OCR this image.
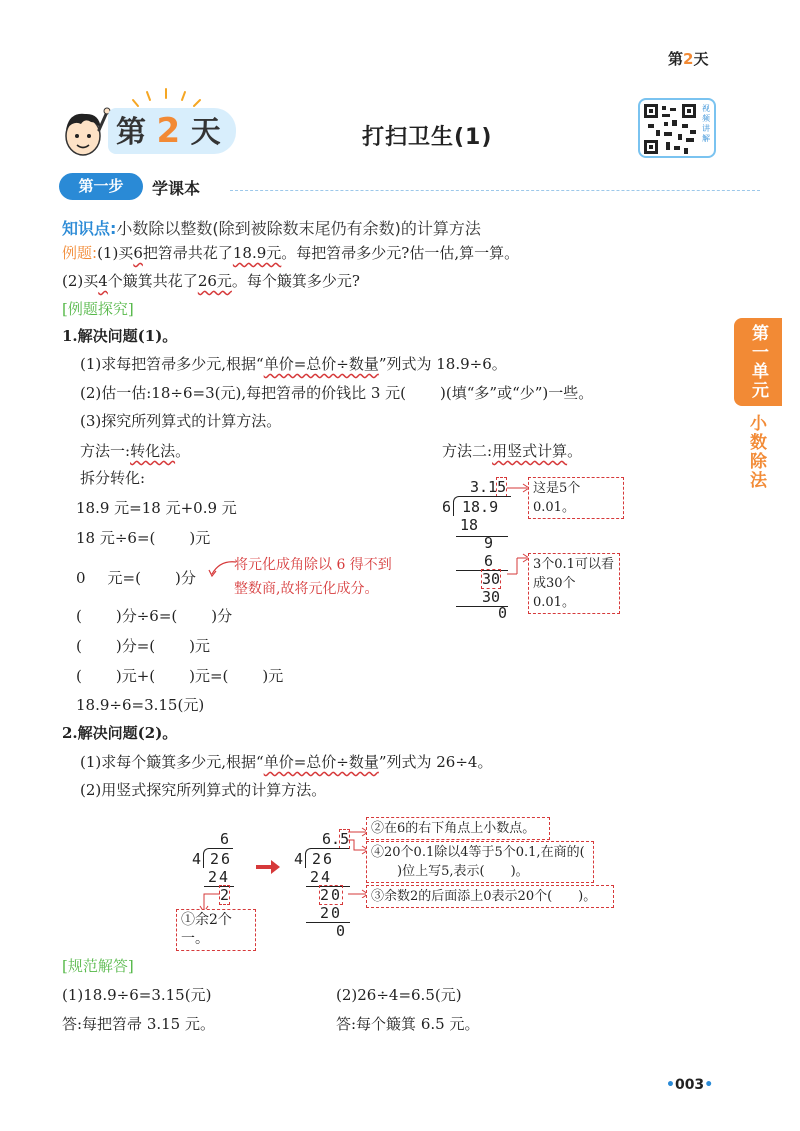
第2天
第 2 天	打扫卫生(1)
视频讲解
第一步	学课本
第一单元
小数除法
知识点:小数除以整数(除到被除数末尾仍有余数)的计算方法
例题:(1)买6把笤帚共花了18.9元。每把笤帚多少元?估一估,算一算。
(2)买4个簸箕共花了26元。每个簸箕多少元?
[例题探究]
1.解决问题(1)。
(1)求每把笤帚多少元,根据“单价=总价÷数量”列式为 18.9÷6。
(2)估一估:18÷6=3(元),每把笤帚的价钱比 3 元( )(填“多”或“少”)一些。
(3)探究所列算式的计算方法。
方法一:转化法。
拆分转化:
18.9 元=18 元+0.9 元
18 元÷6=( )元
0 元=( )分
将元化成角除以 6 得不到整数商,故将元化成分。
( )分÷6=( )分
( )分=( )元
( )元+( )元=( )元
18.9÷6=3.15(元)
方法二:用竖式计算。
3.15
6 18.9
18
9
6
30
30
0
这是5个0.01。
3个0.1可以看成30个0.01。
2.解决问题(2)。
(1)求每个簸箕多少元,根据“单价=总价÷数量”列式为 26÷4。
(2)用竖式探究所列算式的计算方法。
6
4 26
24
2
①余2个一。
6.5
4 26
24
20
20
0
②在6的右下角点上小数点。
④20个0.1除以4等于5个0.1,在商的()位上写5,表示( )。
③余数2的后面添上0表示20个( )。
[规范解答]
(1)18.9÷6=3.15(元)
答:每把笤帚 3.15 元。
(2)26÷4=6.5(元)
答:每个簸箕 6.5 元。
•003•
